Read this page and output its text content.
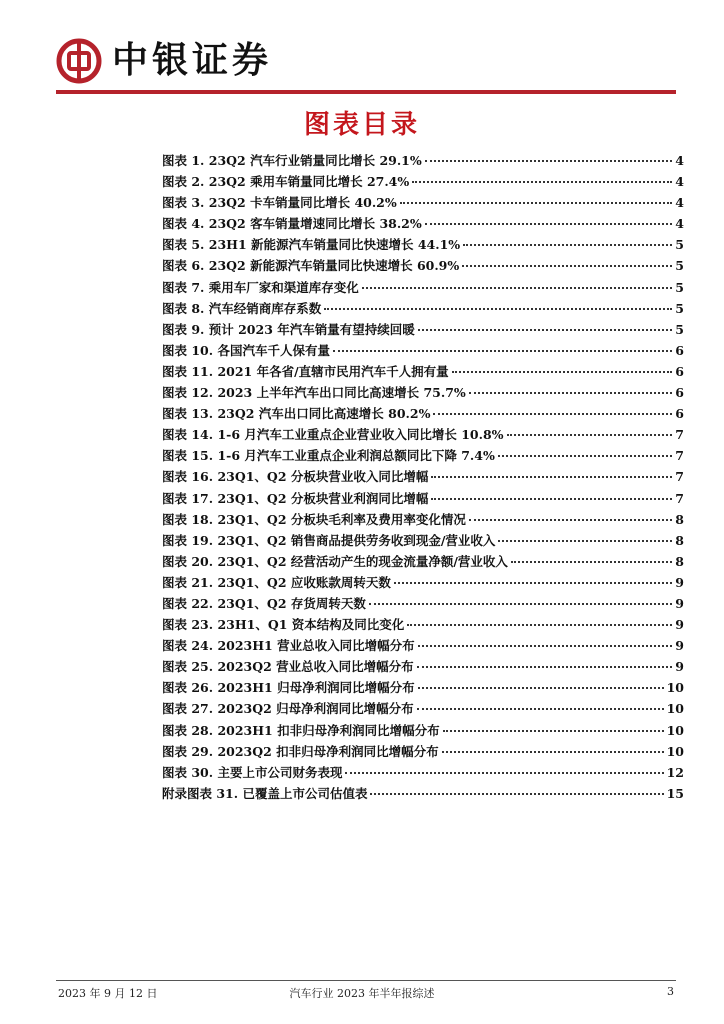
中银证券
图表目录
图表 1. 23Q2 汽车行业销量同比增长 29.1%	4
图表 2. 23Q2 乘用车销量同比增长 27.4%	4
图表 3. 23Q2 卡车销量同比增长 40.2%	4
图表 4. 23Q2 客车销量增速同比增长 38.2%	4
图表 5. 23H1 新能源汽车销量同比快速增长 44.1%	5
图表 6. 23Q2 新能源汽车销量同比快速增长 60.9%	5
图表 7. 乘用车厂家和渠道库存变化	5
图表 8. 汽车经销商库存系数	5
图表 9. 预计 2023 年汽车销量有望持续回暖	5
图表 10. 各国汽车千人保有量	6
图表 11. 2021 年各省/直辖市民用汽车千人拥有量	6
图表 12. 2023 上半年汽车出口同比高速增长 75.7%	6
图表 13. 23Q2 汽车出口同比高速增长 80.2%	6
图表 14. 1-6 月汽车工业重点企业营业收入同比增长 10.8%	7
图表 15. 1-6 月汽车工业重点企业利润总额同比下降 7.4%	7
图表 16. 23Q1、Q2 分板块营业收入同比增幅	7
图表 17. 23Q1、Q2 分板块营业利润同比增幅	7
图表 18. 23Q1、Q2 分板块毛利率及费用率变化情况	8
图表 19. 23Q1、Q2 销售商品提供劳务收到现金/营业收入	8
图表 20. 23Q1、Q2 经营活动产生的现金流量净额/营业收入	8
图表 21. 23Q1、Q2 应收账款周转天数	9
图表 22. 23Q1、Q2 存货周转天数	9
图表 23. 23H1、Q1 资本结构及同比变化	9
图表 24. 2023H1 营业总收入同比增幅分布	9
图表 25. 2023Q2 营业总收入同比增幅分布	9
图表 26. 2023H1 归母净利润同比增幅分布	10
图表 27. 2023Q2 归母净利润同比增幅分布	10
图表 28. 2023H1 扣非归母净利润同比增幅分布	10
图表 29. 2023Q2 扣非归母净利润同比增幅分布	10
图表 30. 主要上市公司财务表现	12
附录图表 31. 已覆盖上市公司估值表	15
2023 年 9 月 12 日	汽车行业 2023 年半年报综述	3
